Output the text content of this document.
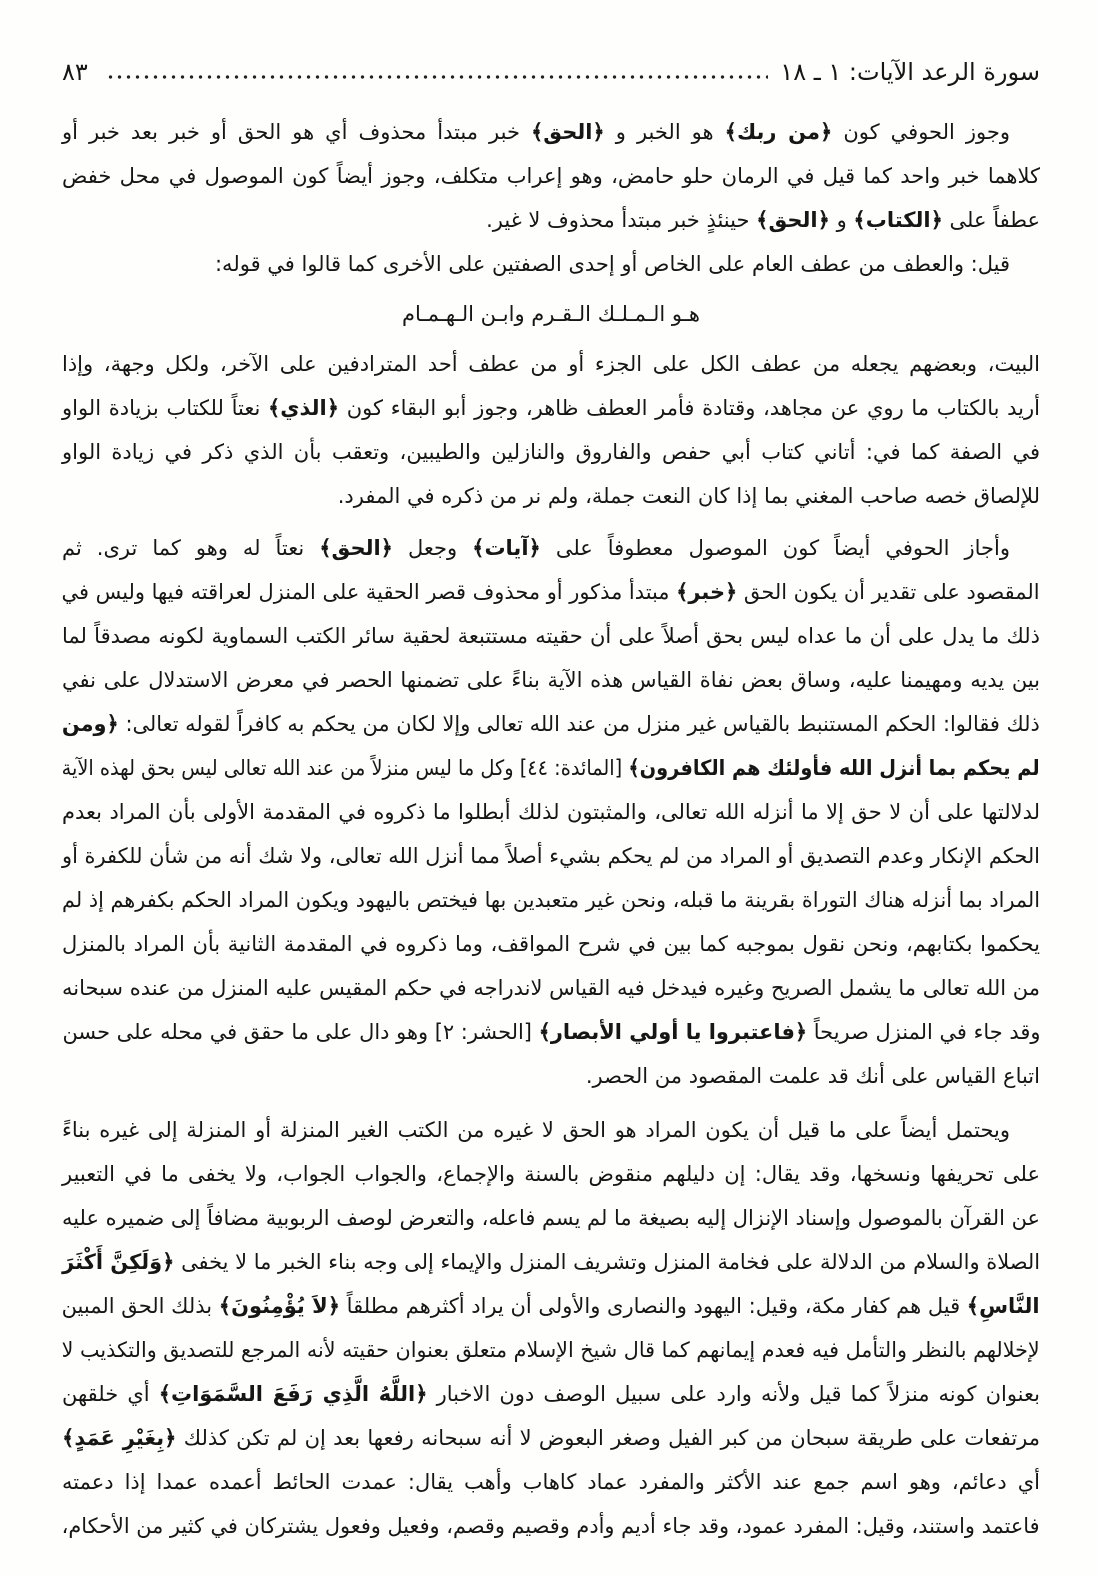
سورة الرعد الآيات: ١ ـ ١٨
٨٣
وجوز الحوفي كون ﴿من ربك﴾ هو الخبر و ﴿الحق﴾ خبر مبتدأ محذوف أي هو الحق أو خبر بعد خبر أو
كلاهما خبر واحد كما قيل في الرمان حلو حامض، وهو إعراب متكلف، وجوز أيضاً كون الموصول في محل خفض
عطفاً على ﴿الكتاب﴾ و ﴿الحق﴾ حينئذٍ خبر مبتدأ محذوف لا غير.
قيل: والعطف من عطف العام على الخاص أو إحدى الصفتين على الأخرى كما قالوا في قوله:
هـو الـمـلـك الـقـرم وابـن الـهـمـام
البيت، وبعضهم يجعله من عطف الكل على الجزء أو من عطف أحد المترادفين على الآخر، ولكل وجهة، وإذا
أريد بالكتاب ما روي عن مجاهد، وقتادة فأمر العطف ظاهر، وجوز أبو البقاء كون ﴿الذي﴾ نعتاً للكتاب بزيادة الواو
في الصفة كما في: أتاني كتاب أبي حفص والفاروق والنازلين والطيبين، وتعقب بأن الذي ذكر في زيادة الواو
للإلصاق خصه صاحب المغني بما إذا كان النعت جملة، ولم نر من ذكره في المفرد.
وأجاز الحوفي أيضاً كون الموصول معطوفاً على ﴿آيات﴾ وجعل ﴿الحق﴾ نعتاً له وهو كما ترى. ثم
المقصود على تقدير أن يكون الحق ﴿خبر﴾ مبتدأ مذكور أو محذوف قصر الحقية على المنزل لعراقته فيها وليس في
ذلك ما يدل على أن ما عداه ليس بحق أصلاً على أن حقيته مستتبعة لحقية سائر الكتب السماوية لكونه مصدقاً لما
بين يديه ومهيمنا عليه، وساق بعض نفاة القياس هذه الآية بناءً على تضمنها الحصر في معرض الاستدلال على نفي
ذلك فقالوا: الحكم المستنبط بالقياس غير منزل من عند الله تعالى وإلا لكان من يحكم به كافراً لقوله تعالى: ﴿ومن
لم يحكم بما أنزل الله فأولئك هم الكافرون﴾ [المائدة: ٤٤] وكل ما ليس منزلاً من عند الله تعالى ليس بحق لهذه الآية
لدلالتها على أن لا حق إلا ما أنزله الله تعالى، والمثبتون لذلك أبطلوا ما ذكروه في المقدمة الأولى بأن المراد بعدم
الحكم الإنكار وعدم التصديق أو المراد من لم يحكم بشيء أصلاً مما أنزل الله تعالى، ولا شك أنه من شأن للكفرة أو
المراد بما أنزله هناك التوراة بقرينة ما قبله، ونحن غير متعبدين بها فيختص باليهود ويكون المراد الحكم بكفرهم إذ لم
يحكموا بكتابهم، ونحن نقول بموجبه كما بين في شرح المواقف، وما ذكروه في المقدمة الثانية بأن المراد بالمنزل
من الله تعالى ما يشمل الصريح وغيره فيدخل فيه القياس لاندراجه في حكم المقيس عليه المنزل من عنده سبحانه
وقد جاء في المنزل صريحاً ﴿فاعتبروا يا أولي الأبصار﴾ [الحشر: ٢] وهو دال على ما حقق في محله على حسن
اتباع القياس على أنك قد علمت المقصود من الحصر.
ويحتمل أيضاً على ما قيل أن يكون المراد هو الحق لا غيره من الكتب الغير المنزلة أو المنزلة إلى غيره بناءً
على تحريفها ونسخها، وقد يقال: إن دليلهم منقوض بالسنة والإجماع، والجواب الجواب، ولا يخفى ما في التعبير
عن القرآن بالموصول وإسناد الإنزال إليه بصيغة ما لم يسم فاعله، والتعرض لوصف الربوبية مضافاً إلى ضميره عليه
الصلاة والسلام من الدلالة على فخامة المنزل وتشريف المنزل والإيماء إلى وجه بناء الخبر ما لا يخفى ﴿وَلَكِنَّ أَكْثَرَ
النَّاسِ﴾ قيل هم كفار مكة، وقيل: اليهود والنصارى والأولى أن يراد أكثرهم مطلقاً ﴿لاَ يُؤْمِنُونَ﴾ بذلك الحق المبين
لإخلالهم بالنظر والتأمل فيه فعدم إيمانهم كما قال شيخ الإسلام متعلق بعنوان حقيته لأنه المرجع للتصديق والتكذيب لا
بعنوان كونه منزلاً كما قيل ولأنه وارد على سبيل الوصف دون الاخبار ﴿اللَّهُ الَّذِي رَفَعَ السَّمَوَاتِ﴾ أي خلقهن
مرتفعات على طريقة سبحان من كبر الفيل وصغر البعوض لا أنه سبحانه رفعها بعد إن لم تكن كذلك ﴿بِغَيْرِ عَمَدٍ﴾
أي دعائم، وهو اسم جمع عند الأكثر والمفرد عماد كاهاب وأهب يقال: عمدت الحائط أعمده عمدا إذا دعمته
فاعتمد واستند، وقيل: المفرد عمود، وقد جاء أديم وأدم وقصيم وقصم، وفعيل وفعول يشتركان في كثير من الأحكام،
